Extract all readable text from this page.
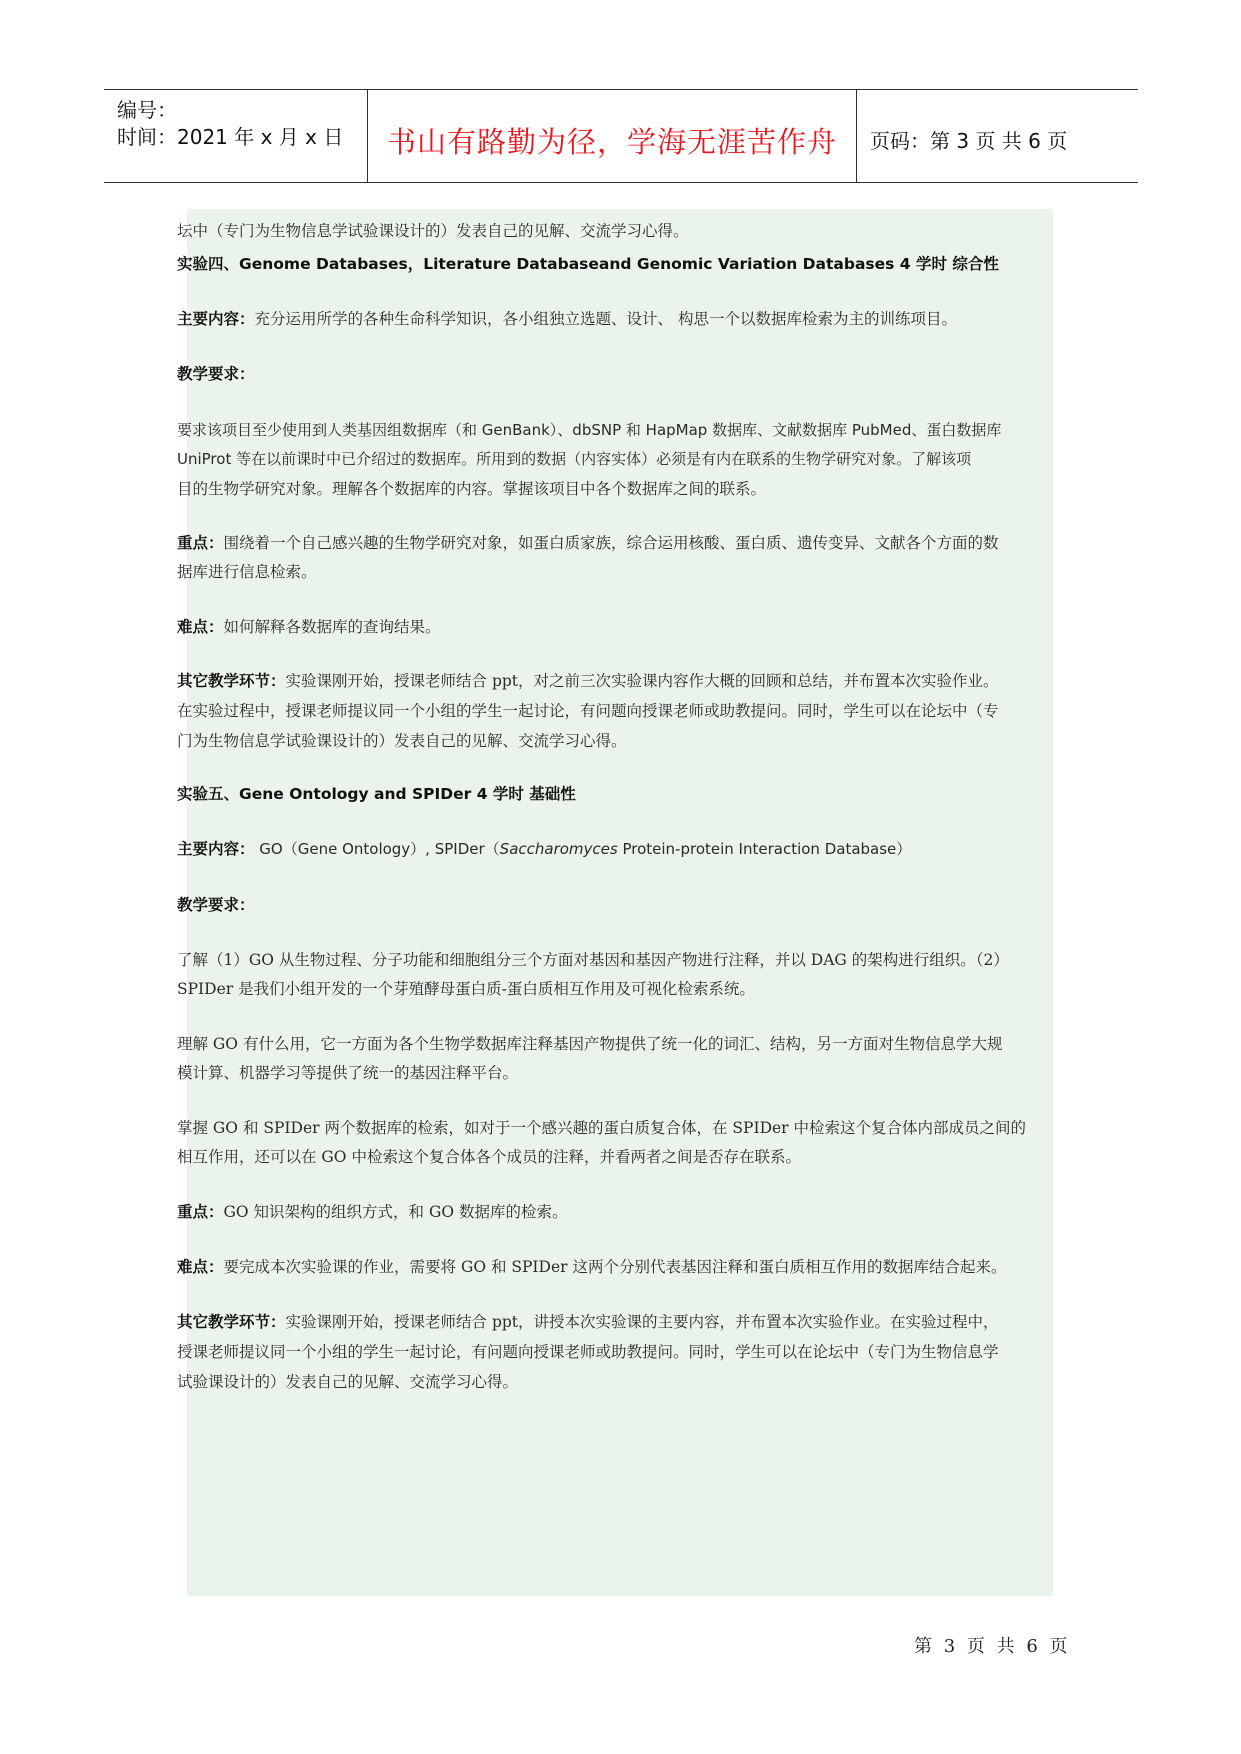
编号：
时间：2021 年 x 月 x 日	书山有路勤为径，学海无涯苦作舟	页码：第 3 页 共 6 页
坛中（专门为生物信息学试验课设计的）发表自己的见解、交流学习心得。
实验四、Genome Databases，Literature Databaseand Genomic Variation Databases 4 学时 综合性
主要内容：充分运用所学的各种生命科学知识，各小组独立选题、设计、 构思一个以数据库检索为主的训练项目。
教学要求：
要求该项目至少使用到人类基因组数据库（和 GenBank）、dbSNP 和 HapMap 数据库、文献数据库 PubMed、蛋白数据库
UniProt 等在以前课时中已介绍过的数据库。所用到的数据（内容实体）必须是有内在联系的生物学研究对象。了解该项
目的生物学研究对象。理解各个数据库的内容。掌握该项目中各个数据库之间的联系。
重点：围绕着一个自己感兴趣的生物学研究对象，如蛋白质家族，综合运用核酸、蛋白质、遗传变异、文献各个方面的数
据库进行信息检索。
难点：如何解释各数据库的查询结果。
其它教学环节：实验课刚开始，授课老师结合 ppt，对之前三次实验课内容作大概的回顾和总结，并布置本次实验作业。
在实验过程中，授课老师提议同一个小组的学生一起讨论，有问题向授课老师或助教提问。同时，学生可以在论坛中（专
门为生物信息学试验课设计的）发表自己的见解、交流学习心得。
实验五、Gene Ontology and SPIDer 4 学时 基础性
主要内容： GO（Gene Ontology）, SPIDer（Saccharomyces Protein-protein Interaction Database）
教学要求：
了解（1）GO 从生物过程、分子功能和细胞组分三个方面对基因和基因产物进行注释，并以 DAG 的架构进行组织。（2）
SPIDer 是我们小组开发的一个芽殖酵母蛋白质-蛋白质相互作用及可视化检索系统。
理解 GO 有什么用，它一方面为各个生物学数据库注释基因产物提供了统一化的词汇、结构，另一方面对生物信息学大规
模计算、机器学习等提供了统一的基因注释平台。
掌握 GO 和 SPIDer 两个数据库的检索，如对于一个感兴趣的蛋白质复合体，在 SPIDer 中检索这个复合体内部成员之间的
相互作用，还可以在 GO 中检索这个复合体各个成员的注释，并看两者之间是否存在联系。
重点：GO 知识架构的组织方式，和 GO 数据库的检索。
难点：要完成本次实验课的作业，需要将 GO 和 SPIDer 这两个分别代表基因注释和蛋白质相互作用的数据库结合起来。
其它教学环节：实验课刚开始，授课老师结合 ppt，讲授本次实验课的主要内容，并布置本次实验作业。在实验过程中，
授课老师提议同一个小组的学生一起讨论，有问题向授课老师或助教提问。同时，学生可以在论坛中（专门为生物信息学
试验课设计的）发表自己的见解、交流学习心得。
第 3 页 共 6 页
